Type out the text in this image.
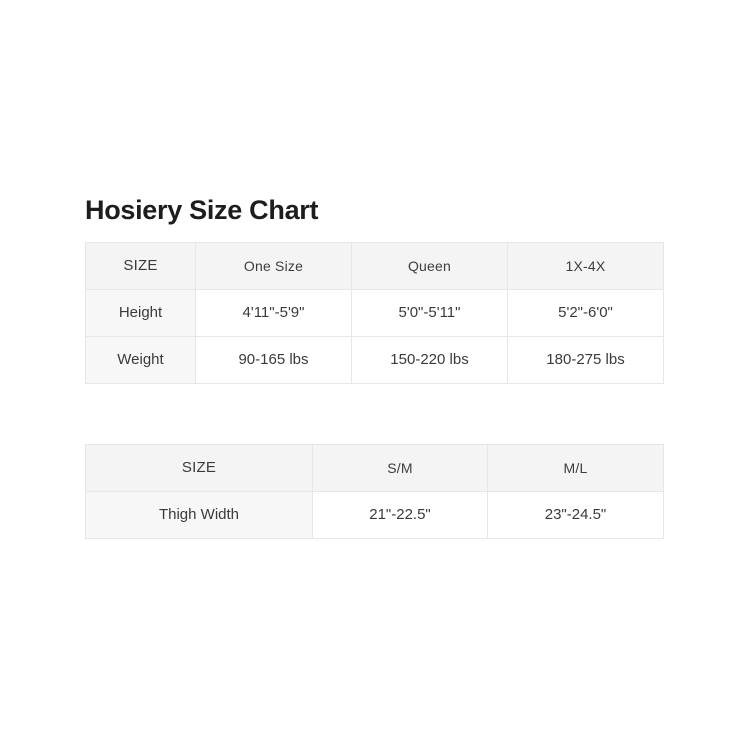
Hosiery Size Chart
SIZE	One Size	Queen	1X-4X
Height	4'11"-5'9"	5'0"-5'11"	5'2"-6'0"
Weight	90-165 lbs	150-220 lbs	180-275 lbs
SIZE	S/M	M/L
Thigh Width	21"-22.5"	23"-24.5"
